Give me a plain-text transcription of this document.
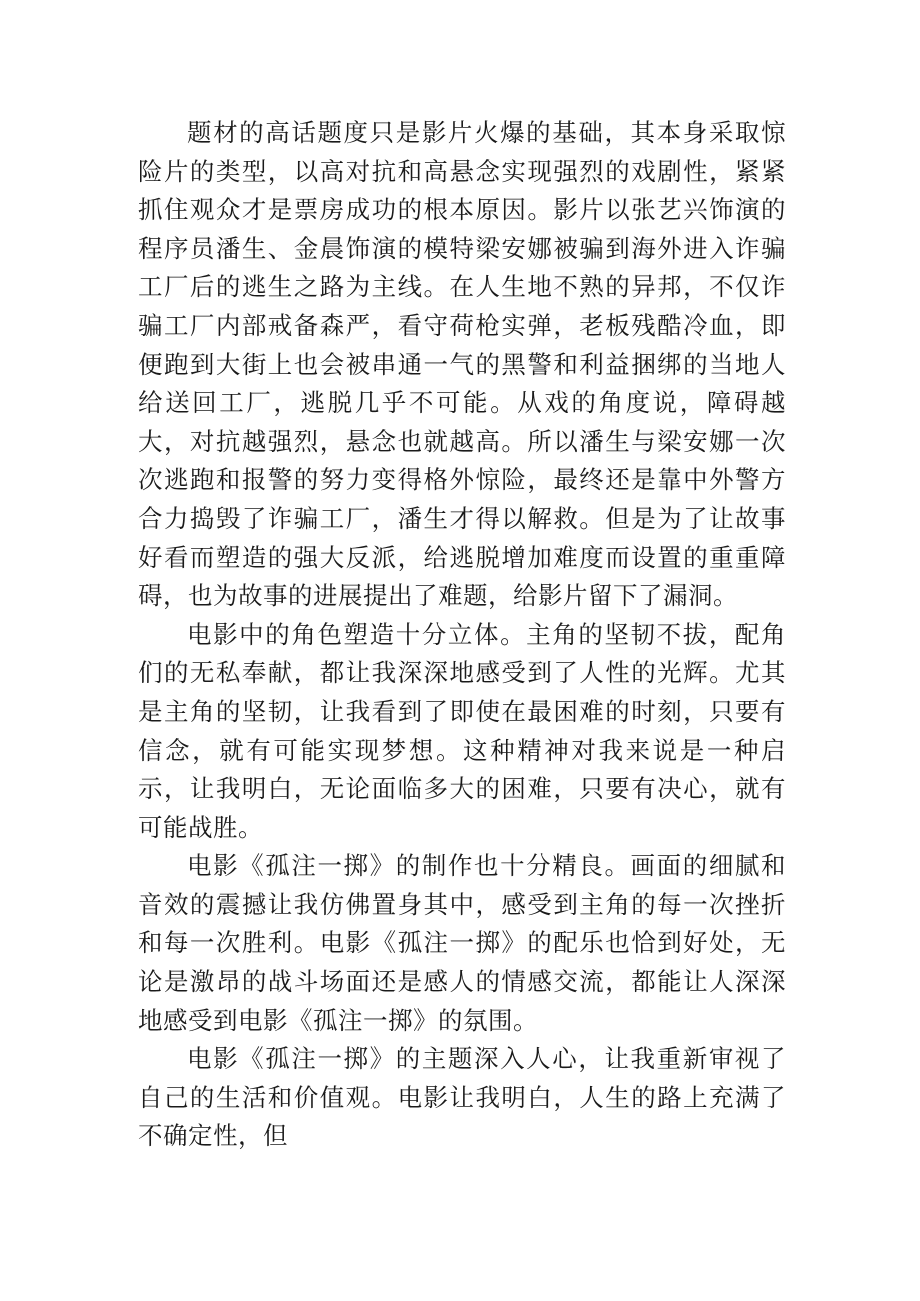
题材的高话题度只是影片火爆的基础，其本身采取惊险片的类型，以高对抗和高悬念实现强烈的戏剧性，紧紧抓住观众才是票房成功的根本原因。影片以张艺兴饰演的程序员潘生、金晨饰演的模特梁安娜被骗到海外进入诈骗工厂后的逃生之路为主线。在人生地不熟的异邦，不仅诈骗工厂内部戒备森严，看守荷枪实弹，老板残酷冷血，即便跑到大街上也会被串通一气的黑警和利益捆绑的当地人给送回工厂，逃脱几乎不可能。从戏的角度说，障碍越大，对抗越强烈，悬念也就越高。所以潘生与梁安娜一次次逃跑和报警的努力变得格外惊险，最终还是靠中外警方合力捣毁了诈骗工厂，潘生才得以解救。但是为了让故事好看而塑造的强大反派，给逃脱增加难度而设置的重重障碍，也为故事的进展提出了难题，给影片留下了漏洞。

电影中的角色塑造十分立体。主角的坚韧不拔，配角们的无私奉献，都让我深深地感受到了人性的光辉。尤其是主角的坚韧，让我看到了即使在最困难的时刻，只要有信念，就有可能实现梦想。这种精神对我来说是一种启示，让我明白，无论面临多大的困难，只要有决心，就有可能战胜。

电影《孤注一掷》的制作也十分精良。画面的细腻和音效的震撼让我仿佛置身其中，感受到主角的每一次挫折和每一次胜利。电影《孤注一掷》的配乐也恰到好处，无论是激昂的战斗场面还是感人的情感交流，都能让人深深地感受到电影《孤注一掷》的氛围。

电影《孤注一掷》的主题深入人心，让我重新审视了自己的生活和价值观。电影让我明白，人生的路上充满了不确定性，但
